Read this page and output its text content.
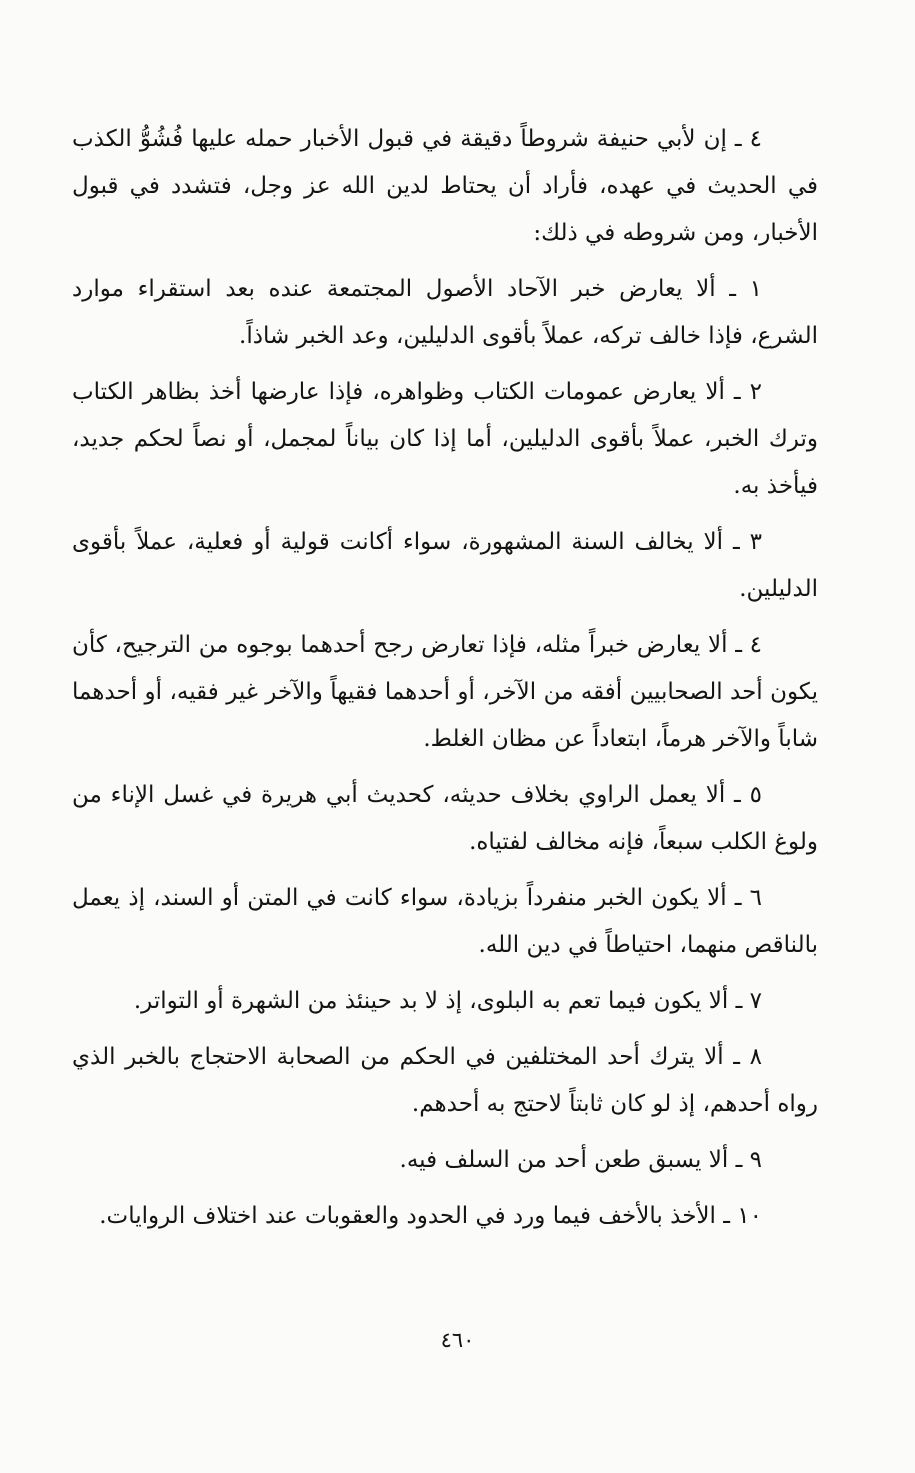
٤ ـ إن لأبي حنيفة شروطاً دقيقة في قبول الأخبار حمله عليها فُشُوُّ الكذب في الحديث في عهده، فأراد أن يحتاط لدين الله عز وجل، فتشدد في قبول الأخبار، ومن شروطه في ذلك:

١ ـ ألا يعارض خبر الآحاد الأصول المجتمعة عنده بعد استقراء موارد الشرع، فإذا خالف تركه، عملاً بأقوى الدليلين، وعد الخبر شاذاً.

٢ ـ ألا يعارض عمومات الكتاب وظواهره، فإذا عارضها أخذ بظاهر الكتاب وترك الخبر، عملاً بأقوى الدليلين، أما إذا كان بياناً لمجمل، أو نصاً لحكم جديد، فيأخذ به.

٣ ـ ألا يخالف السنة المشهورة، سواء أكانت قولية أو فعلية، عملاً بأقوى الدليلين.

٤ ـ ألا يعارض خبراً مثله، فإذا تعارض رجح أحدهما بوجوه من الترجيح، كأن يكون أحد الصحابيين أفقه من الآخر، أو أحدهما فقيهاً والآخر غير فقيه، أو أحدهما شاباً والآخر هرماً، ابتعاداً عن مظان الغلط.

٥ ـ ألا يعمل الراوي بخلاف حديثه، كحديث أبي هريرة في غسل الإناء من ولوغ الكلب سبعاً، فإنه مخالف لفتياه.

٦ ـ ألا يكون الخبر منفرداً بزيادة، سواء كانت في المتن أو السند، إذ يعمل بالناقص منهما، احتياطاً في دين الله.

٧ ـ ألا يكون فيما تعم به البلوى، إذ لا بد حينئذ من الشهرة أو التواتر.

٨ ـ ألا يترك أحد المختلفين في الحكم من الصحابة الاحتجاج بالخبر الذي رواه أحدهم، إذ لو كان ثابتاً لاحتج به أحدهم.

٩ ـ ألا يسبق طعن أحد من السلف فيه.

١٠ ـ الأخذ بالأخف فيما ورد في الحدود والعقوبات عند اختلاف الروايات.

٤٦٠
